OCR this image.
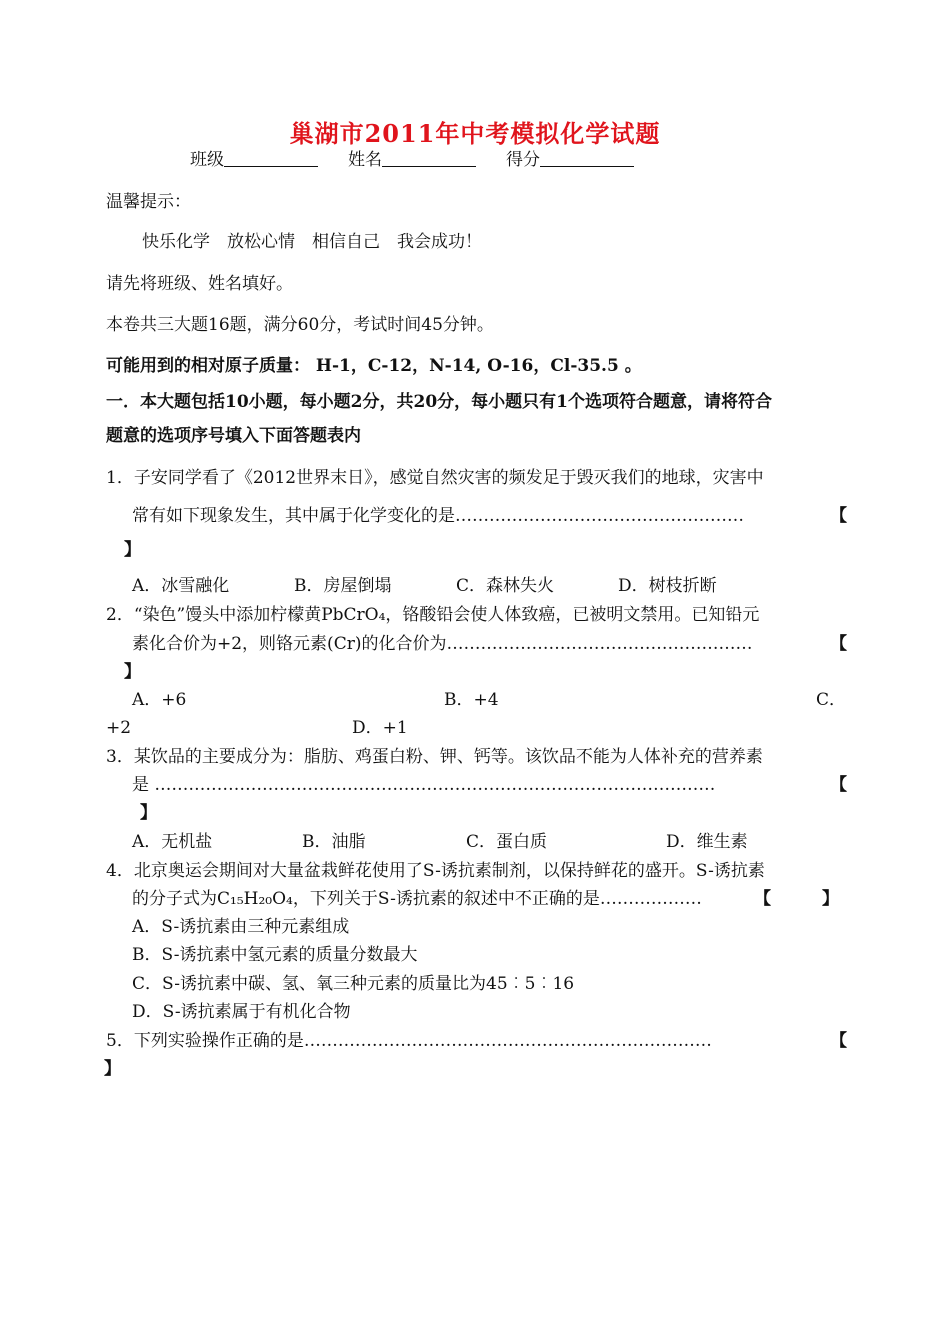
巢湖市2011年中考模拟化学试题
班级	姓名	得分
温馨提示：
快乐化学　放松心情　相信自己　我会成功！
请先将班级、姓名填好。
本卷共三大题16题，满分60分，考试时间45分钟。
可能用到的相对原子质量： H-1，C-12，N-14, O-16，Cl-35.5 。
一．本大题包括10小题，每小题2分，共20分，每小题只有1个选项符合题意，请将符合
题意的选项序号填入下面答题表内
1．子安同学看了《2012世界末日》，感觉自然灾害的频发足于毁灭我们的地球，灾害中
常有如下现象发生，其中属于化学变化的是……………………………………………	【
】
A．冰雪融化	B．房屋倒塌	C．森林失火	D．树枝折断
2．“染色”馒头中添加柠檬黄PbCrO₄，铬酸铅会使人体致癌，已被明文禁用。已知铅元
素化合价为+2，则铬元素(Cr)的化合价为………………………………………………	【
】
A．+6	B．+4	C．
+2	D．+1
3．某饮品的主要成分为：脂肪、鸡蛋白粉、钾、钙等。该饮品不能为人体补充的营养素
是 ………………………………………………………………………………………	【
】
A．无机盐	B．油脂	C．蛋白质	D．维生素
4．北京奥运会期间对大量盆栽鲜花使用了S-诱抗素制剂，以保持鲜花的盛开。S-诱抗素
的分子式为C₁₅H₂₀O₄，下列关于S-诱抗素的叙述中不正确的是………………	【　　　】
A．S-诱抗素由三种元素组成
B．S-诱抗素中氢元素的质量分数最大
C．S-诱抗素中碳、氢、氧三种元素的质量比为45︰5︰16
D．S-诱抗素属于有机化合物
5．下列实验操作正确的是………………………………………………………………	【
】
